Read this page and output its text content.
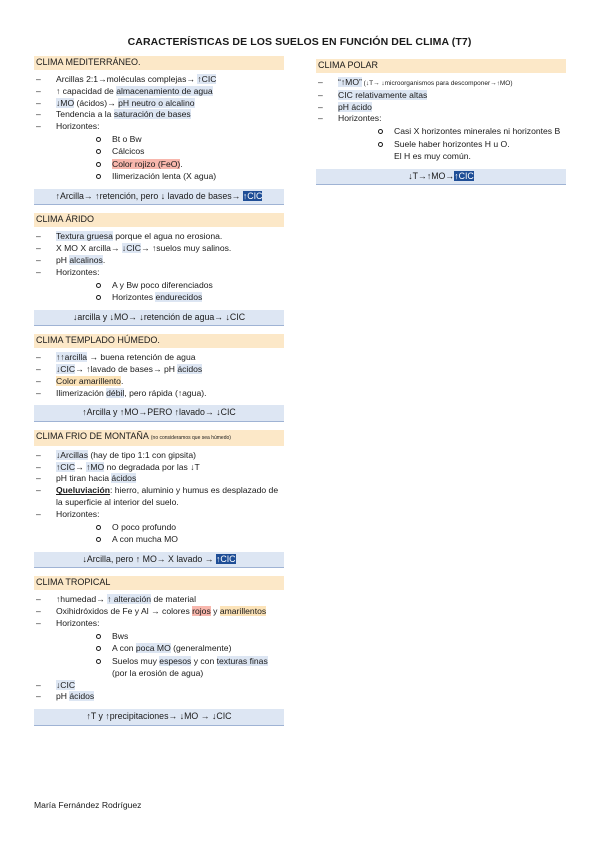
CARACTERÍSTICAS DE LOS SUELOS EN FUNCIÓN DEL CLIMA (T7)
CLIMA MEDITERRÁNEO.
– Arcillas 2:1→moléculas complejas→ ↑CIC
– ↑ capacidad de almacenamiento de agua
– ↓MO (ácidos)→ pH neutro o alcalino
– Tendencia a la saturación de bases
– Horizontes:
Bt o Bw
Cálcicos
Color rojizo (FeO).
Ilimerización lenta (X agua)
↑Arcilla→ ↑retención, pero ↓ lavado de bases→ ↑CIC
CLIMA ÁRIDO
– Textura gruesa porque el agua no erosiona.
– X MO X arcilla→ ↓CIC→ ↑suelos muy salinos.
– pH alcalinos.
– Horizontes:
A y Bw poco diferenciados
Horizontes endurecidos
↓arcilla y ↓MO→ ↓retención de agua→ ↓CIC
CLIMA TEMPLADO HÚMEDO.
– ↑↑arcilla → buena retención de agua
– ↓CIC→ ↑lavado de bases→ pH ácidos
– Color amarillento.
– Ilimerización débil, pero rápida (↑agua).
↑Arcilla y ↑MO→PERO ↑lavado→ ↓CIC
CLIMA FRIO DE MONTAÑA (no consideramos que sea húmedo)
– ↓Arcillas (hay de tipo 1:1 con gipsita)
– ↑CIC→ ↑MO no degradada por las ↓T
– pH tiran hacia ácidos
– Queluviación: hierro, aluminio y humus es desplazado de la superficie al interior del suelo.
– Horizontes:
O poco profundo
A con mucha MO
↓Arcilla, pero ↑ MO→ X lavado → ↑CIC
CLIMA TROPICAL
– ↑humedad→ ↑ alteración de material
– Oxihidróxidos de Fe y Al → colores rojos y amarillentos
– Horizontes:
Bws
A con poca MO (generalmente)
Suelos muy espesos y con texturas finas (por la erosión de agua)
– ↓CIC
– pH ácidos
↑T y ↑precipitaciones→ ↓MO → ↓CIC
CLIMA POLAR
– “↑MO” (↓T→ ↓microorganismos para descomponer→↑MO)
– CIC relativamente altas
– pH ácido
– Horizontes:
Casi X horizontes minerales ni horizontes B
Suele haber horizontes H u O.
El H es muy común.
↓T→↑MO→↑CIC
María Fernández Rodríguez
